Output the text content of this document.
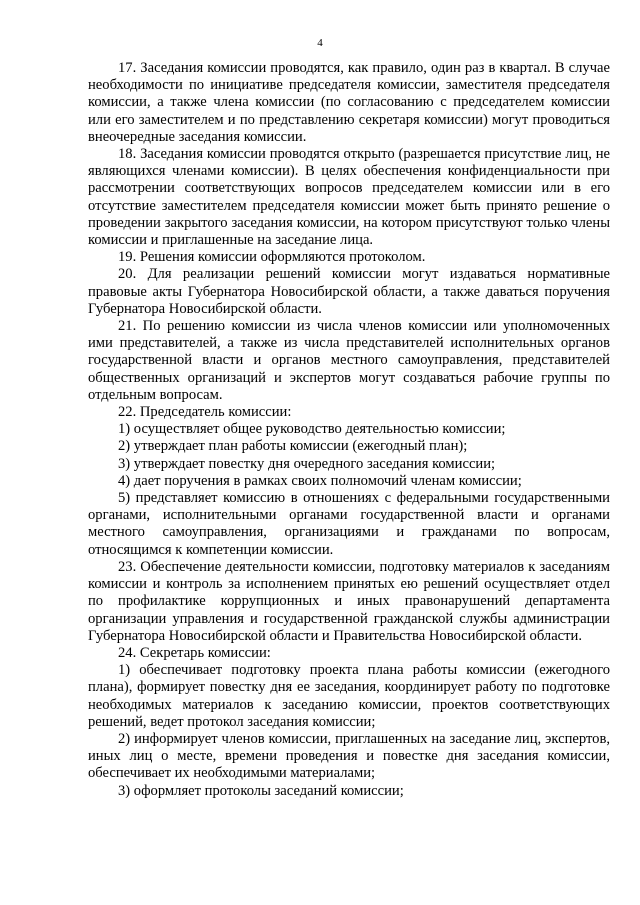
4

17. Заседания комиссии проводятся, как правило, один раз в квартал. В случае необходимости по инициативе председателя комиссии, заместителя председателя комиссии, а также члена комиссии (по согласованию с председателем комиссии или его заместителем и по представлению секретаря комиссии) могут проводиться внеочередные заседания комиссии.

18. Заседания комиссии проводятся открыто (разрешается присутствие лиц, не являющихся членами комиссии). В целях обеспечения конфиденциальности при рассмотрении соответствующих вопросов председателем комиссии или в его отсутствие заместителем председателя комиссии может быть принято решение о проведении закрытого заседания комиссии, на котором присутствуют только члены комиссии и приглашенные на заседание лица.

19. Решения комиссии оформляются протоколом.

20. Для реализации решений комиссии могут издаваться нормативные правовые акты Губернатора Новосибирской области, а также даваться поручения Губернатора Новосибирской области.

21. По решению комиссии из числа членов комиссии или уполномоченных ими представителей, а также из числа представителей исполнительных органов государственной власти и органов местного самоуправления, представителей общественных организаций и экспертов могут создаваться рабочие группы по отдельным вопросам.

22. Председатель комиссии:

1) осуществляет общее руководство деятельностью комиссии;

2) утверждает план работы комиссии (ежегодный план);

3) утверждает повестку дня очередного заседания комиссии;

4) дает поручения в рамках своих полномочий членам комиссии;

5) представляет комиссию в отношениях с федеральными государственными органами, исполнительными органами государственной власти и органами местного самоуправления, организациями и гражданами по вопросам, относящимся к компетенции комиссии.

23. Обеспечение деятельности комиссии, подготовку материалов к заседаниям комиссии и контроль за исполнением принятых ею решений осуществляет отдел по профилактике коррупционных и иных правонарушений департамента организации управления и государственной гражданской службы администрации Губернатора Новосибирской области и Правительства Новосибирской области.

24. Секретарь комиссии:

1) обеспечивает подготовку проекта плана работы комиссии (ежегодного плана), формирует повестку дня ее заседания, координирует работу по подготовке необходимых материалов к заседанию комиссии, проектов соответствующих решений, ведет протокол заседания комиссии;

2) информирует членов комиссии, приглашенных на заседание лиц, экспертов, иных лиц о месте, времени проведения и повестке дня заседания комиссии, обеспечивает их необходимыми материалами;

3) оформляет протоколы заседаний комиссии;
